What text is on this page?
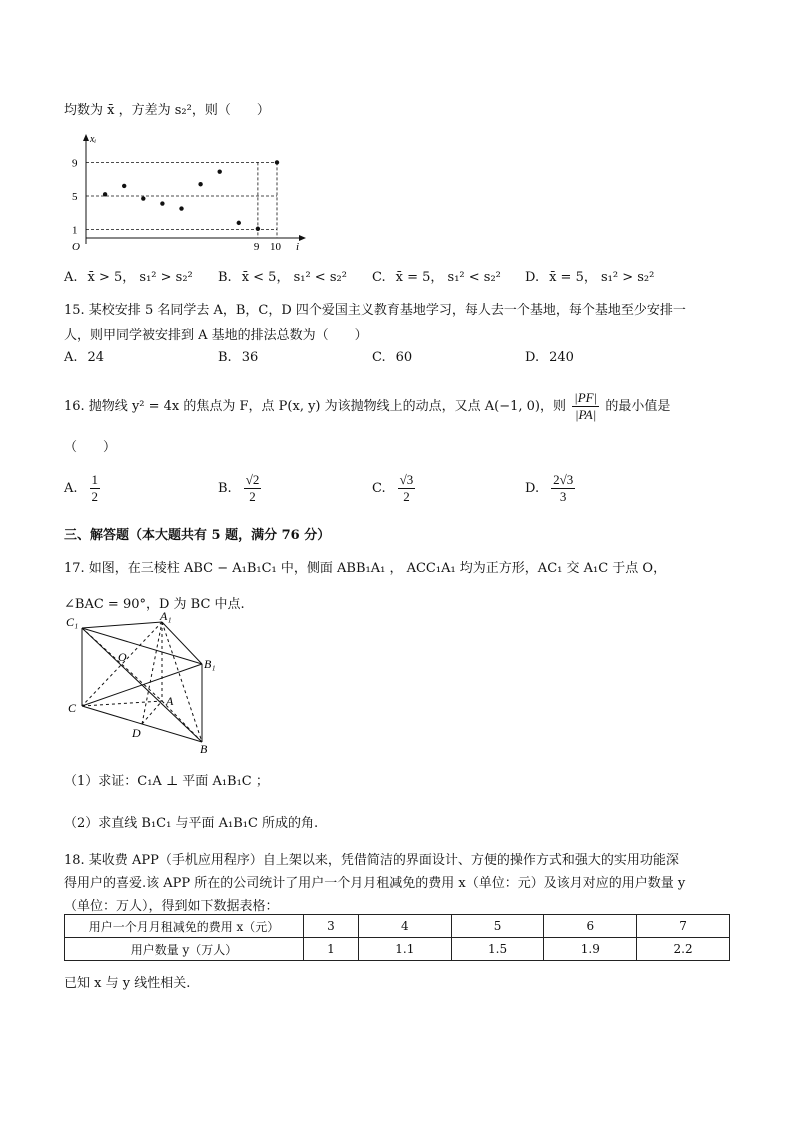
均数为 x̄ ，方差为 s₂²，则（　　）
xᵢ
i
O
1
5
9
9 10
A. x̄ > 5， s₁² > s₂² B. x̄ < 5， s₁² < s₂² C. x̄ = 5， s₁² < s₂² D. x̄ = 5， s₁² > s₂²
15. 某校安排 5 名同学去 A，B，C，D 四个爱国主义教育基地学习，每人去一个基地，每个基地至少安排一
人，则甲同学被安排到 A 基地的排法总数为（　　）
A. 24	B. 36	C. 60	D. 240
16. 抛物线 y² = 4x 的焦点为 F，点 P(x, y) 为该抛物线上的动点，又点 A(−1, 0)，则 $\frac{|PF|}{|PA|}$ 的最小值是
（　　）
A. $\frac{1}{2}$	B. $\frac{√2}{2}$	C. $\frac{√3}{2}$	D. $\frac{2√3}{3}$
三、解答题（本大题共有 5 题，满分 76 分）
17. 如图，在三棱柱 ABC − A₁B₁C₁ 中，侧面 ABB₁A₁ ， ACC₁A₁ 均为正方形，AC₁ 交 A₁C 于点 O，
∠BAC = 90°，D 为 BC 中点.
C₁	A₁
B₁
O
C	A
D
B
（1）求证：C₁A ⊥ 平面 A₁B₁C ；
（2）求直线 B₁C₁ 与平面 A₁B₁C 所成的角.
18. 某收费 APP（手机应用程序）自上架以来，凭借简洁的界面设计、方便的操作方式和强大的实用功能深
得用户的喜爱.该 APP 所在的公司统计了用户一个月月租减免的费用 x（单位：元）及该月对应的用户数量 y
（单位：万人），得到如下数据表格：
用户一个月月租减免的费用 x（元）	3	4	5	6	7
用户数量 y（万人）	1	1.1	1.5	1.9	2.2
已知 x 与 y 线性相关.
